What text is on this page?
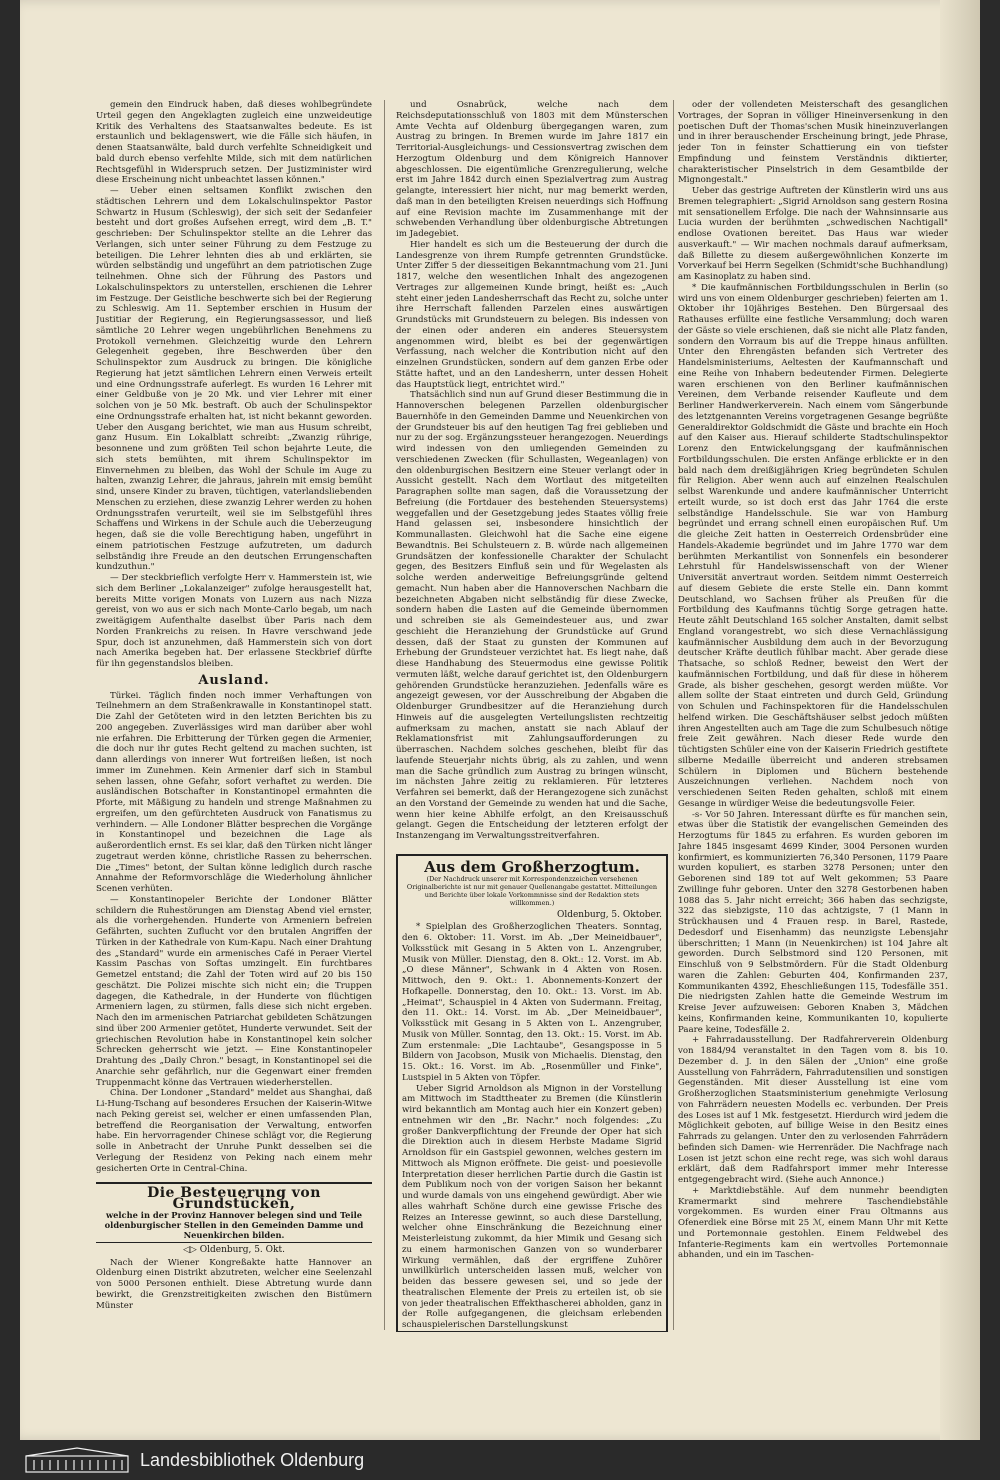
gemein den Eindruck haben, daß dieses wohlbegründete Urteil gegen den Angeklagten zugleich eine unzweideutige Kritik des Verhaltens des Staatsanwaltes bedeute. Es ist erstaunlich und beklagenswert, wie die Fälle sich häufen, in denen Staatsanwälte, bald durch verfehlte Schneidigkeit und bald durch ebenso verfehlte Milde, sich mit dem natürlichen Rechtsgefühl in Widerspruch setzen. Der Justizminister wird diese Erscheinung nicht unbeachtet lassen können."

— Ueber einen seltsamen Konflikt zwischen den städtischen Lehrern und dem Lokalschulinspektor Pastor Schwartz in Husum (Schleswig), der sich seit der Sedanfeier besteht und dort großes Aufsehen erregt, wird dem „B. T." geschrieben: Der Schulinspektor stellte an die Lehrer das Verlangen, sich unter seiner Führung zu dem Festzuge zu beteiligen. Die Lehrer lehnten dies ab und erklärten, sie würden selbständig und ungeführt an dem patriotischen Zuge teilnehmen. Ohne sich der Führung des Pastors und Lokalschulinspektors zu unterstellen, erschienen die Lehrer im Festzuge. Der Geistliche beschwerte sich bei der Regierung zu Schleswig. Am 11. September erschien in Husum der Justitiar der Regierung, ein Regierungsassessor, und ließ sämtliche 20 Lehrer wegen ungebührlichen Benehmens zu Protokoll vernehmen. Gleichzeitig wurde den Lehrern Gelegenheit gegeben, ihre Beschwerden über den Schulinspektor zum Ausdruck zu bringen. Die königliche Regierung hat jetzt sämtlichen Lehrern einen Verweis erteilt und eine Ordnungsstrafe auferlegt. Es wurden 16 Lehrer mit einer Geldbuße von je 20 Mk. und vier Lehrer mit einer solchen von je 50 Mk. bestraft. Ob auch der Schulinspektor eine Ordnungsstrafe erhalten hat, ist nicht bekannt geworden. Ueber den Ausgang berichtet, wie man aus Husum schreibt, ganz Husum. Ein Lokalblatt schreibt: „Zwanzig rührige, besonnene und zum größten Teil schon bejahrte Leute, die sich stets bemühten, mit ihrem Schulinspektor im Einvernehmen zu bleiben, das Wohl der Schule im Auge zu halten, zwanzig Lehrer, die jahraus, jahrein mit emsig bemüht sind, unsere Kinder zu braven, tüchtigen, vaterlandsliebenden Menschen zu erziehen, diese zwanzig Lehrer werden zu hohen Ordnungsstrafen verurteilt, weil sie im Selbstgefühl ihres Schaffens und Wirkens in der Schule auch die Ueberzeugung hegen, daß sie die volle Berechtigung haben, ungeführt in einem patriotischen Festzuge aufzutreten, um dadurch selbständig ihre Freude an den deutschen Errungenschaften kundzuthun."

— Der steckbrieflich verfolgte Herr v. Hammerstein ist, wie sich dem Berliner „Lokalanzeiger" zufolge herausgestellt hat, bereits Mitte vorigen Monats von Luzern aus nach Nizza gereist, von wo aus er sich nach Monte-Carlo begab, um nach zweitägigem Aufenthalte daselbst über Paris nach dem Norden Frankreichs zu reisen. In Havre verschwand jede Spur, doch ist anzunehmen, daß Hammerstein sich von dort nach Amerika begeben hat. Der erlassene Steckbrief dürfte für ihn gegenstandslos bleiben.

Ausland.

Türkei. Täglich finden noch immer Verhaftungen von Teilnehmern an dem Straßenkrawalle in Konstantinopel statt. Die Zahl der Getöteten wird in den letzten Berichten bis zu 200 angegeben. Zuverlässiges wird man darüber aber wohl nie erfahren. Die Erbitterung der Türken gegen die Armenier, die doch nur ihr gutes Recht geltend zu machen suchten, ist dann allerdings von innerer Wut fortreißen ließen, ist noch immer im Zunehmen. Kein Armenier darf sich in Stambul sehen lassen, ohne Gefahr, sofort verhaftet zu werden. Die ausländischen Botschafter in Konstantinopel ermahnten die Pforte, mit Mäßigung zu handeln und strenge Maßnahmen zu ergreifen, um den gefürchteten Ausdruck von Fanatismus zu verhindern. — Alle Londoner Blätter besprechen die Vorgänge in Konstantinopel und bezeichnen die Lage als außerordentlich ernst. Es sei klar, daß den Türken nicht länger zugetraut werden könne, christliche Rassen zu beherrschen. Die „Times" betont, der Sultan könne lediglich durch rasche Annahme der Reformvorschläge die Wiederholung ähnlicher Scenen verhüten.

— Konstantinopeler Berichte der Londoner Blätter schildern die Ruhestörungen am Dienstag Abend viel ernster, als die vorhergehenden. Hunderte von Armeniern befreien Gefährten, suchten Zuflucht vor den brutalen Angriffen der Türken in der Kathedrale von Kum-Kapu. Nach einer Drahtung des „Standard" wurde ein armenisches Café in Peraer Viertel Kassim Paschas von Softas umzingelt. Ein furchtbares Gemetzel entstand; die Zahl der Toten wird auf 20 bis 150 geschätzt. Die Polizei mischte sich nicht ein; die Truppen dagegen, die Kathedrale, in der Hunderte von flüchtigen Armeniern lagen, zu stürmen, falls diese sich nicht ergeben. Nach den im armenischen Patriarchat gebildeten Schätzungen sind über 200 Armenier getötet, Hunderte verwundet. Seit der griechischen Revolution habe in Konstantinopel kein solcher Schrecken geherrscht wie jetzt. — Eine Konstantinopeler Drahtung des „Daily Chron." besagt, in Konstantinopel sei die Anarchie sehr gefährlich, nur die Gegenwart einer fremden Truppenmacht könne das Vertrauen wiederherstellen.

China. Der Londoner „Standard" meldet aus Shanghai, daß Li-Hung-Tschang auf besonderes Ersuchen der Kaiserin-Witwe nach Peking gereist sei, welcher er einen umfassenden Plan, betreffend die Reorganisation der Verwaltung, entworfen habe. Ein hervorragender Chinese schlägt vor, die Regierung solle in Anbetracht der Unruhe Punkt desselben sei die Verlegung der Residenz von Peking nach einem mehr gesicherten Orte in Central-China.

Die Besteuerung von Grundstücken,
welche in der Provinz Hannover belegen sind und Teile oldenburgischer Stellen in den Gemeinden Damme und Neuenkirchen bilden.
◁▷ Oldenburg, 5. Okt.

Nach der Wiener Kongreßakte hatte Hannover an Oldenburg einen Distrikt abzutreten, welcher eine Seelenzahl von 5000 Personen enthielt. Diese Abtretung wurde dann bewirkt, die Grenzstreitigkeiten zwischen den Bistümern Münster

und Osnabrück, welche nach dem Reichsdeputationsschluß von 1803 mit dem Münsterschen Amte Vechta auf Oldenburg übergegangen waren, zum Austrag zu bringen. In Bremen wurde im Jahre 1817 ein Territorial-Ausgleichungs- und Cessionsvertrag zwischen dem Herzogtum Oldenburg und dem Königreich Hannover abgeschlossen. Die eigentümliche Grenzregulierung, welche erst im Jahre 1842 durch einen Spezialvertrag zum Austrag gelangte, interessiert hier nicht, nur mag bemerkt werden, daß man in den beteiligten Kreisen neuerdings sich Hoffnung auf eine Revision machte im Zusammenhange mit der schwebenden Verhandlung über oldenburgische Abtretungen im Jadegebiet.

Hier handelt es sich um die Besteuerung der durch die Landesgrenze von ihrem Rumpfe getrennten Grundstücke. Unter Ziffer 5 der diesseitigen Bekanntmachung vom 21. Juni 1817, welche den wesentlichen Inhalt des angezogenen Vertrages zur allgemeinen Kunde bringt, heißt es: „Auch steht einer jeden Landesherrschaft das Recht zu, solche unter ihre Herrschaft fallenden Parzelen eines auswärtigen Grundstücks mit Grundsteuern zu belegen. Bis indessen von der einen oder anderen ein anderes Steuersystem angenommen wird, bleibt es bei der gegenwärtigen Verfassung, nach welcher die Kontribution nicht auf den einzelnen Grundstücken, sondern auf dem ganzen Erbe oder Stätte haftet, und an den Landesherrn, unter dessen Hoheit das Hauptstück liegt, entrichtet wird."

Thatsächlich sind nun auf Grund dieser Bestimmung die in Hannoverschen belegenen Parzellen oldenburgischer Bauernhöfe in den Gemeinden Damme und Neuenkirchen von der Grundsteuer bis auf den heutigen Tag frei geblieben und nur zu der sog. Ergänzungssteuer herangezogen. Neuerdings wird indessen von den umliegenden Gemeinden zu verschiedenen Zwecken (für Schullasten, Wegeanlagen) von den oldenburgischen Besitzern eine Steuer verlangt oder in Aussicht gestellt. Nach dem Wortlaut des mitgeteilten Paragraphen sollte man sagen, daß die Voraussetzung der Befreiung (die Fortdauer des bestehenden Steuersystems) weggefallen und der Gesetzgebung jedes Staates völlig freie Hand gelassen sei, insbesondere hinsichtlich der Kommunallasten. Gleichwohl hat die Sache eine eigene Bewandtnis. Bei Schulsteuern z. B. würde nach allgemeinen Grundsätzen der konfessionelle Charakter der Schulacht gegen, des Besitzers Einfluß sein und für Wegelasten als solche werden anderweitige Befreiungsgründe geltend gemacht. Nun haben aber die Hannoverschen Nachbarn die bezeichneten Abgaben nicht selbständig für diese Zwecke, sondern haben die Lasten auf die Gemeinde übernommen und schreiben sie als Gemeindesteuer aus, und zwar geschieht die Heranziehung der Grundstücke auf Grund dessen, daß der Staat zu gunsten der Kommunen auf Erhebung der Grundsteuer verzichtet hat. Es liegt nahe, daß diese Handhabung des Steuermodus eine gewisse Politik vermuten läßt, welche darauf gerichtet ist, den Oldenburgern gehörenden Grundstücke heranzuziehen. Jedenfalls wäre es angezeigt gewesen, vor der Ausschreibung der Abgaben die Oldenburger Grundbesitzer auf die Heranziehung durch Hinweis auf die ausgelegten Verteilungslisten rechtzeitig aufmerksam zu machen, anstatt sie nach Ablauf der Reklamationsfrist mit Zahlungsaufforderungen zu überraschen. Nachdem solches geschehen, bleibt für das laufende Steuerjahr nichts übrig, als zu zahlen, und wenn man die Sache gründlich zum Austrag zu bringen wünscht, im nächsten Jahre zeitig zu reklamieren. Für letzteres Verfahren sei bemerkt, daß der Herangezogene sich zunächst an den Vorstand der Gemeinde zu wenden hat und die Sache, wenn hier keine Abhilfe erfolgt, an den Kreisausschuß gelangt. Gegen die Entscheidung der letzteren erfolgt der Instanzengang im Verwaltungsstreitverfahren.

Aus dem Großherzogtum.
(Der Nachdruck unserer mit Korrespondenzzeichen versehenen Originalberichte ist nur mit genauer Quellenangabe gestattet. Mitteilungen und Berichte über lokale Vorkommnisse sind der Redaktion stets willkommen.)
Oldenburg, 5. Oktober.

* Spielplan des Großherzoglichen Theaters. Sonntag, den 6. Oktober: 11. Vorst. im Ab. „Der Meineidbauer", Volksstück mit Gesang in 5 Akten von L. Anzengruber, Musik von Müller. Dienstag, den 8. Okt.: 12. Vorst. im Ab. „O diese Männer", Schwank in 4 Akten von Rosen. Mittwoch, den 9. Okt.: 1. Abonnements-Konzert der Hofkapelle. Donnerstag, den 10. Okt.: 13. Vorst. im Ab. „Heimat", Schauspiel in 4 Akten von Sudermann. Freitag, den 11. Okt.: 14. Vorst. im Ab. „Der Meineidbauer", Volksstück mit Gesang in 5 Akten von L. Anzengruber, Musik von Müller. Sonntag, den 13. Okt.: 15. Vorst. im Ab. Zum erstenmale: „Die Lachtaube", Gesangsposse in 5 Bildern von Jacobson, Musik von Michaelis. Dienstag, den 15. Okt.: 16. Vorst. im Ab. „Rosenmüller und Finke", Lustspiel in 5 Akten von Töpfer.

Ueber Sigrid Arnoldson als Mignon in der Vorstellung am Mittwoch im Stadttheater zu Bremen (die Künstlerin wird bekanntlich am Montag auch hier ein Konzert geben) entnehmen wir den „Br. Nachr." noch folgendes: „Zu großer Dankverpflichtung der Freunde der Oper hat sich die Direktion auch in diesem Herbste Madame Sigrid Arnoldson für ein Gastspiel gewonnen, welches gestern im Mittwoch als Mignon eröffnete. Die geist- und poesievolle Interpretation dieser herrlichen Partie durch die Gastin ist dem Publikum noch von der vorigen Saison her bekannt und wurde damals von uns eingehend gewürdigt. Aber wie alles wahrhaft Schöne durch eine gewisse Frische des Reizes an Interesse gewinnt, so auch diese Darstellung, welcher ohne Einschränkung die Bezeichnung einer Meisterleistung zukommt, da hier Mimik und Gesang sich zu einem harmonischen Ganzen von so wunderbarer Wirkung vermählen, daß der ergriffene Zuhörer unwillkürlich unterscheiden lassen muß, welcher von beiden das bessere gewesen sei, und so jede der theatralischen Elemente der Preis zu erteilen ist, ob sie von jeder theatralischen Effekthascherei abholden, ganz in der Rolle aufgegangenen, die gleichsam erlebenden schauspielerischen Darstellungskunst

oder der vollendeten Meisterschaft des gesanglichen Vortrages, der Sopran in völliger Hineinversenkung in den poetischen Duft der Thomas'schen Musik hineinzuverlangen und in ihrer berauschender Erscheinung bringt, jede Phrase, jeder Ton in feinster Schattierung ein von tiefster Empfindung und feinstem Verständnis diktierter, charakteristischer Pinselstrich in dem Gesamtbilde der Mignongestalt."

Ueber das gestrige Auftreten der Künstlerin wird uns aus Bremen telegraphiert: „Sigrid Arnoldson sang gestern Rosina mit sensationellem Erfolge. Die nach der Wahnsinnsarie aus Lucia wurden der berühmten „schwedischen Nachtigall" endlose Ovationen bereitet. Das Haus war wieder ausverkauft." — Wir machen nochmals darauf aufmerksam, daß Billette zu diesem außergewöhnlichen Konzerte im Vorverkauf bei Herrn Segelken (Schmidt'sche Buchhandlung) am Kasinoplatz zu haben sind.

* Die kaufmännischen Fortbildungsschulen in Berlin (so wird uns von einem Oldenburger geschrieben) feierten am 1. Oktober ihr 10jähriges Bestehen. Den Bürgersaal des Rathauses erfüllte eine festliche Versammlung; doch waren der Gäste so viele erschienen, daß sie nicht alle Platz fanden, sondern den Vorraum bis auf die Treppe hinaus anfüllten. Unter den Ehrengästen befanden sich Vertreter des Handelsministeriums, Aeltesten der Kaufmannschaft und eine Reihe von Inhabern bedeutender Firmen. Delegierte waren erschienen von den Berliner kaufmännischen Vereinen, dem Verbande reisender Kaufleute und dem Berliner Handwerkerverein. Nach einem vom Sängerbunde des letztgenannten Vereins vorgetragenen Gesange begrüßte Generaldirektor Goldschmidt die Gäste und brachte ein Hoch auf den Kaiser aus. Hierauf schilderte Stadtschulinspektor Lorenz den Entwickelungsgang der kaufmännischen Fortbildungsschulen. Die ersten Anfänge erblickte er in den bald nach dem dreißigjährigen Krieg begründeten Schulen für Religion. Aber wenn auch auf einzelnen Realschulen selbst Warenkunde und andere kaufmännischer Unterricht erteilt wurde, so ist doch erst das Jahr 1764 die erste selbständige Handelsschule. Sie war von Hamburg begründet und errang schnell einen europäischen Ruf. Um die gleiche Zeit hatten in Oesterreich Ordensbrüder eine Handels-Akademie begründet und im Jahre 1770 war dem berühmten Merkantilist von Sonnenfels ein besonderer Lehrstuhl für Handelswissenschaft von der Wiener Universität anvertraut worden. Seitdem nimmt Oesterreich auf diesem Gebiete die erste Stelle ein. Dann kommt Deutschland, wo Sachsen früher als Preußen für die Fortbildung des Kaufmanns tüchtig Sorge getragen hatte. Heute zählt Deutschland 165 solcher Anstalten, damit selbst England vorangestrebt, wo sich diese Vernachlässigung kaufmännischer Ausbildung dem auch in der Bevorzugung deutscher Kräfte deutlich fühlbar macht. Aber gerade diese Thatsache, so schloß Redner, beweist den Wert der kaufmännischen Fortbildung, und daß für diese in höherem Grade, als bisher geschehen, gesorgt werden müßte. Vor allem sollte der Staat eintreten und durch Geld, Gründung von Schulen und Fachinspektoren für die Handelsschulen helfend wirken. Die Geschäftshäuser selbst jedoch müßten ihren Angestellten auch am Tage die zum Schulbesuch nötige freie Zeit gewähren. Nach dieser Rede wurde den tüchtigsten Schüler eine von der Kaiserin Friedrich gestiftete silberne Medaille überreicht und anderen strebsamen Schülern in Diplomen und Büchern bestehende Auszeichnungen verliehen. Nachdem noch von verschiedenen Seiten Reden gehalten, schloß mit einem Gesange in würdiger Weise die bedeutungsvolle Feier.

-s- Vor 50 Jahren. Interessant dürfte es für manchen sein, etwas über die Statistik der evangelischen Gemeinden des Herzogtums für 1845 zu erfahren. Es wurden geboren im Jahre 1845 insgesamt 4699 Kinder, 3004 Personen wurden konfirmiert, es kommunizierten 76,340 Personen, 1179 Paare wurden kopuliert, es starben 3278 Personen; unter den Geborenen sind 189 tot auf Welt gekommen; 53 Paare Zwillinge fuhr geboren. Unter den 3278 Gestorbenen haben 1088 das 5. Jahr nicht erreicht; 366 haben das sechzigste, 322 das siebzigste, 110 das achtzigste, 7 (1 Mann in Strückhausen und 4 Frauen resp. in Barel, Rastede, Dedesdorf und Eisenhamm) das neunzigste Lebensjahr überschritten; 1 Mann (in Neuenkirchen) ist 104 Jahre alt geworden. Durch Selbstmord sind 120 Personen, mit Einschluß von 9 Selbstmördern. Für die Stadt Oldenburg waren die Zahlen: Geburten 404, Konfirmanden 237, Kommunikanten 4392, Eheschließungen 115, Todesfälle 351. Die niedrigsten Zahlen hatte die Gemeinde Westrum im Kreise Jever aufzuweisen: Geboren Knaben 3, Mädchen keins, Konfirmanden keine, Kommunikanten 10, kopulierte Paare keine, Todesfälle 2.

+ Fahrradausstellung. Der Radfahrerverein Oldenburg von 1884/94 veranstaltet in den Tagen vom 8. bis 10. Dezember d. J. in den Sälen der „Union" eine große Ausstellung von Fahrrädern, Fahrradutensilien und sonstigen Gegenständen. Mit dieser Ausstellung ist eine vom Großherzoglichen Staatsministerium genehmigte Verlosung von Fahrrädern neuesten Modells ec. verbunden. Der Preis des Loses ist auf 1 Mk. festgesetzt. Hierdurch wird jedem die Möglichkeit geboten, auf billige Weise in den Besitz eines Fahrrads zu gelangen. Unter den zu verlosenden Fahrrädern befinden sich Damen- wie Herrenräder. Die Nachfrage nach Losen ist jetzt schon eine recht rege, was sich wohl daraus erklärt, daß dem Radfahrsport immer mehr Interesse entgegengebracht wird. (Siehe auch Annonce.)

+ Marktdiebstähle. Auf dem nunmehr beendigten Kramermarkt sind mehrere Taschendiebstähle vorgekommen. Es wurden einer Frau Oltmanns aus Ofenerdiek eine Börse mit 25 ℳ, einem Mann Uhr mit Kette und Portemonnaie gestohlen. Einem Feldwebel des Infanterie-Regiments kam ein wertvolles Portemonnaie abhanden, und ein im Taschen-

Landesbibliothek Oldenburg
